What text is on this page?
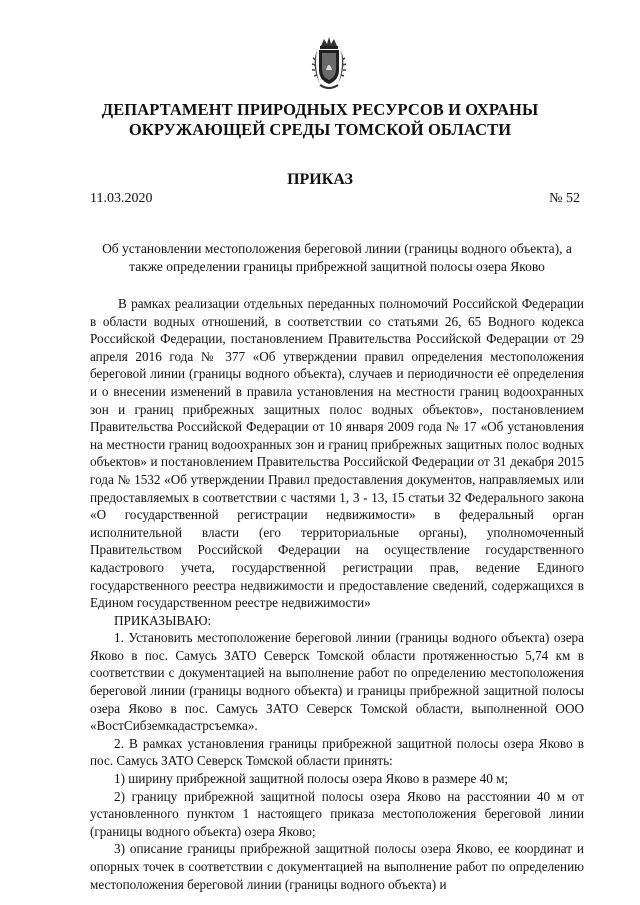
ДЕПАРТАМЕНТ ПРИРОДНЫХ РЕСУРСОВ И ОХРАНЫ
ОКРУЖАЮЩЕЙ СРЕДЫ ТОМСКОЙ ОБЛАСТИ
ПРИКАЗ
11.03.2020	№ 52
Об установлении местоположения береговой линии (границы водного объекта), а также определении границы прибрежной защитной полосы озера Яково

В рамках реализации отдельных переданных полномочий Российской Федерации в области водных отношений, в соответствии со статьями 26, 65 Водного кодекса Российской Федерации, постановлением Правительства Российской Федерации от 29 апреля 2016 года № 377 «Об утверждении правил определения местоположения береговой линии (границы водного объекта), случаев и периодичности её определения и о внесении изменений в правила установления на местности границ водоохранных зон и границ прибрежных защитных полос водных объектов», постановлением Правительства Российской Федерации от 10 января 2009 года № 17 «Об установления на местности границ водоохранных зон и границ прибрежных защитных полос водных объектов» и постановлением Правительства Российской Федерации от 31 декабря 2015 года № 1532 «Об утверждении Правил предоставления документов, направляемых или предоставляемых в соответствии с частями 1, 3 - 13, 15 статьи 32 Федерального закона «О государственной регистрации недвижимости» в федеральный орган исполнительной власти (его территориальные органы), уполномоченный Правительством Российской Федерации на осуществление государственного кадастрового учета, государственной регистрации прав, ведение Единого государственного реестра недвижимости и предоставление сведений, содержащихся в Едином государственном реестре недвижимости»

ПРИКАЗЫВАЮ:

1. Установить местоположение береговой линии (границы водного объекта) озера Яково в пос. Самусь ЗАТО Северск Томской области протяженностью 5,74 км в соответствии с документацией на выполнение работ по определению местоположения береговой линии (границы водного объекта) и границы прибрежной защитной полосы озера Яково в пос. Самусь ЗАТО Северск Томской области, выполненной ООО «ВостСибземкадастрсъемка».

2. В рамках установления границы прибрежной защитной полосы озера Яково в пос. Самусь ЗАТО Северск Томской области принять:

1) ширину прибрежной защитной полосы озера Яково в размере 40 м;

2) границу прибрежной защитной полосы озера Яково на расстоянии 40 м от установленного пунктом 1 настоящего приказа местоположения береговой линии (границы водного объекта) озера Яково;

3) описание границы прибрежной защитной полосы озера Яково, ее координат и опорных точек в соответствии с документацией на выполнение работ по определению местоположения береговой линии (границы водного объекта) и
